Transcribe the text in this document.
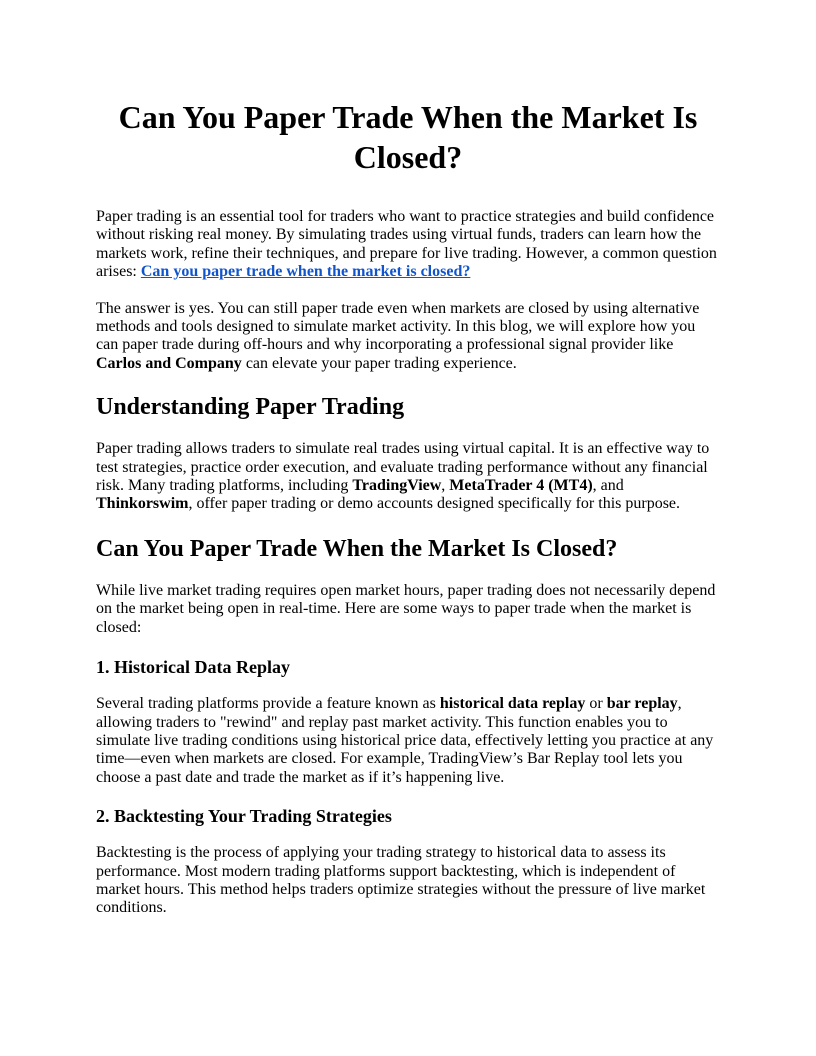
Can You Paper Trade When the Market Is Closed?

Paper trading is an essential tool for traders who want to practice strategies and build confidence without risking real money. By simulating trades using virtual funds, traders can learn how the markets work, refine their techniques, and prepare for live trading. However, a common question arises: Can you paper trade when the market is closed?

The answer is yes. You can still paper trade even when markets are closed by using alternative methods and tools designed to simulate market activity. In this blog, we will explore how you can paper trade during off-hours and why incorporating a professional signal provider like Carlos and Company can elevate your paper trading experience.

Understanding Paper Trading

Paper trading allows traders to simulate real trades using virtual capital. It is an effective way to test strategies, practice order execution, and evaluate trading performance without any financial risk. Many trading platforms, including TradingView, MetaTrader 4 (MT4), and Thinkorswim, offer paper trading or demo accounts designed specifically for this purpose.

Can You Paper Trade When the Market Is Closed?

While live market trading requires open market hours, paper trading does not necessarily depend on the market being open in real-time. Here are some ways to paper trade when the market is closed:

1. Historical Data Replay

Several trading platforms provide a feature known as historical data replay or bar replay, allowing traders to "rewind" and replay past market activity. This function enables you to simulate live trading conditions using historical price data, effectively letting you practice at any time—even when markets are closed. For example, TradingView’s Bar Replay tool lets you choose a past date and trade the market as if it’s happening live.

2. Backtesting Your Trading Strategies

Backtesting is the process of applying your trading strategy to historical data to assess its performance. Most modern trading platforms support backtesting, which is independent of market hours. This method helps traders optimize strategies without the pressure of live market conditions.
